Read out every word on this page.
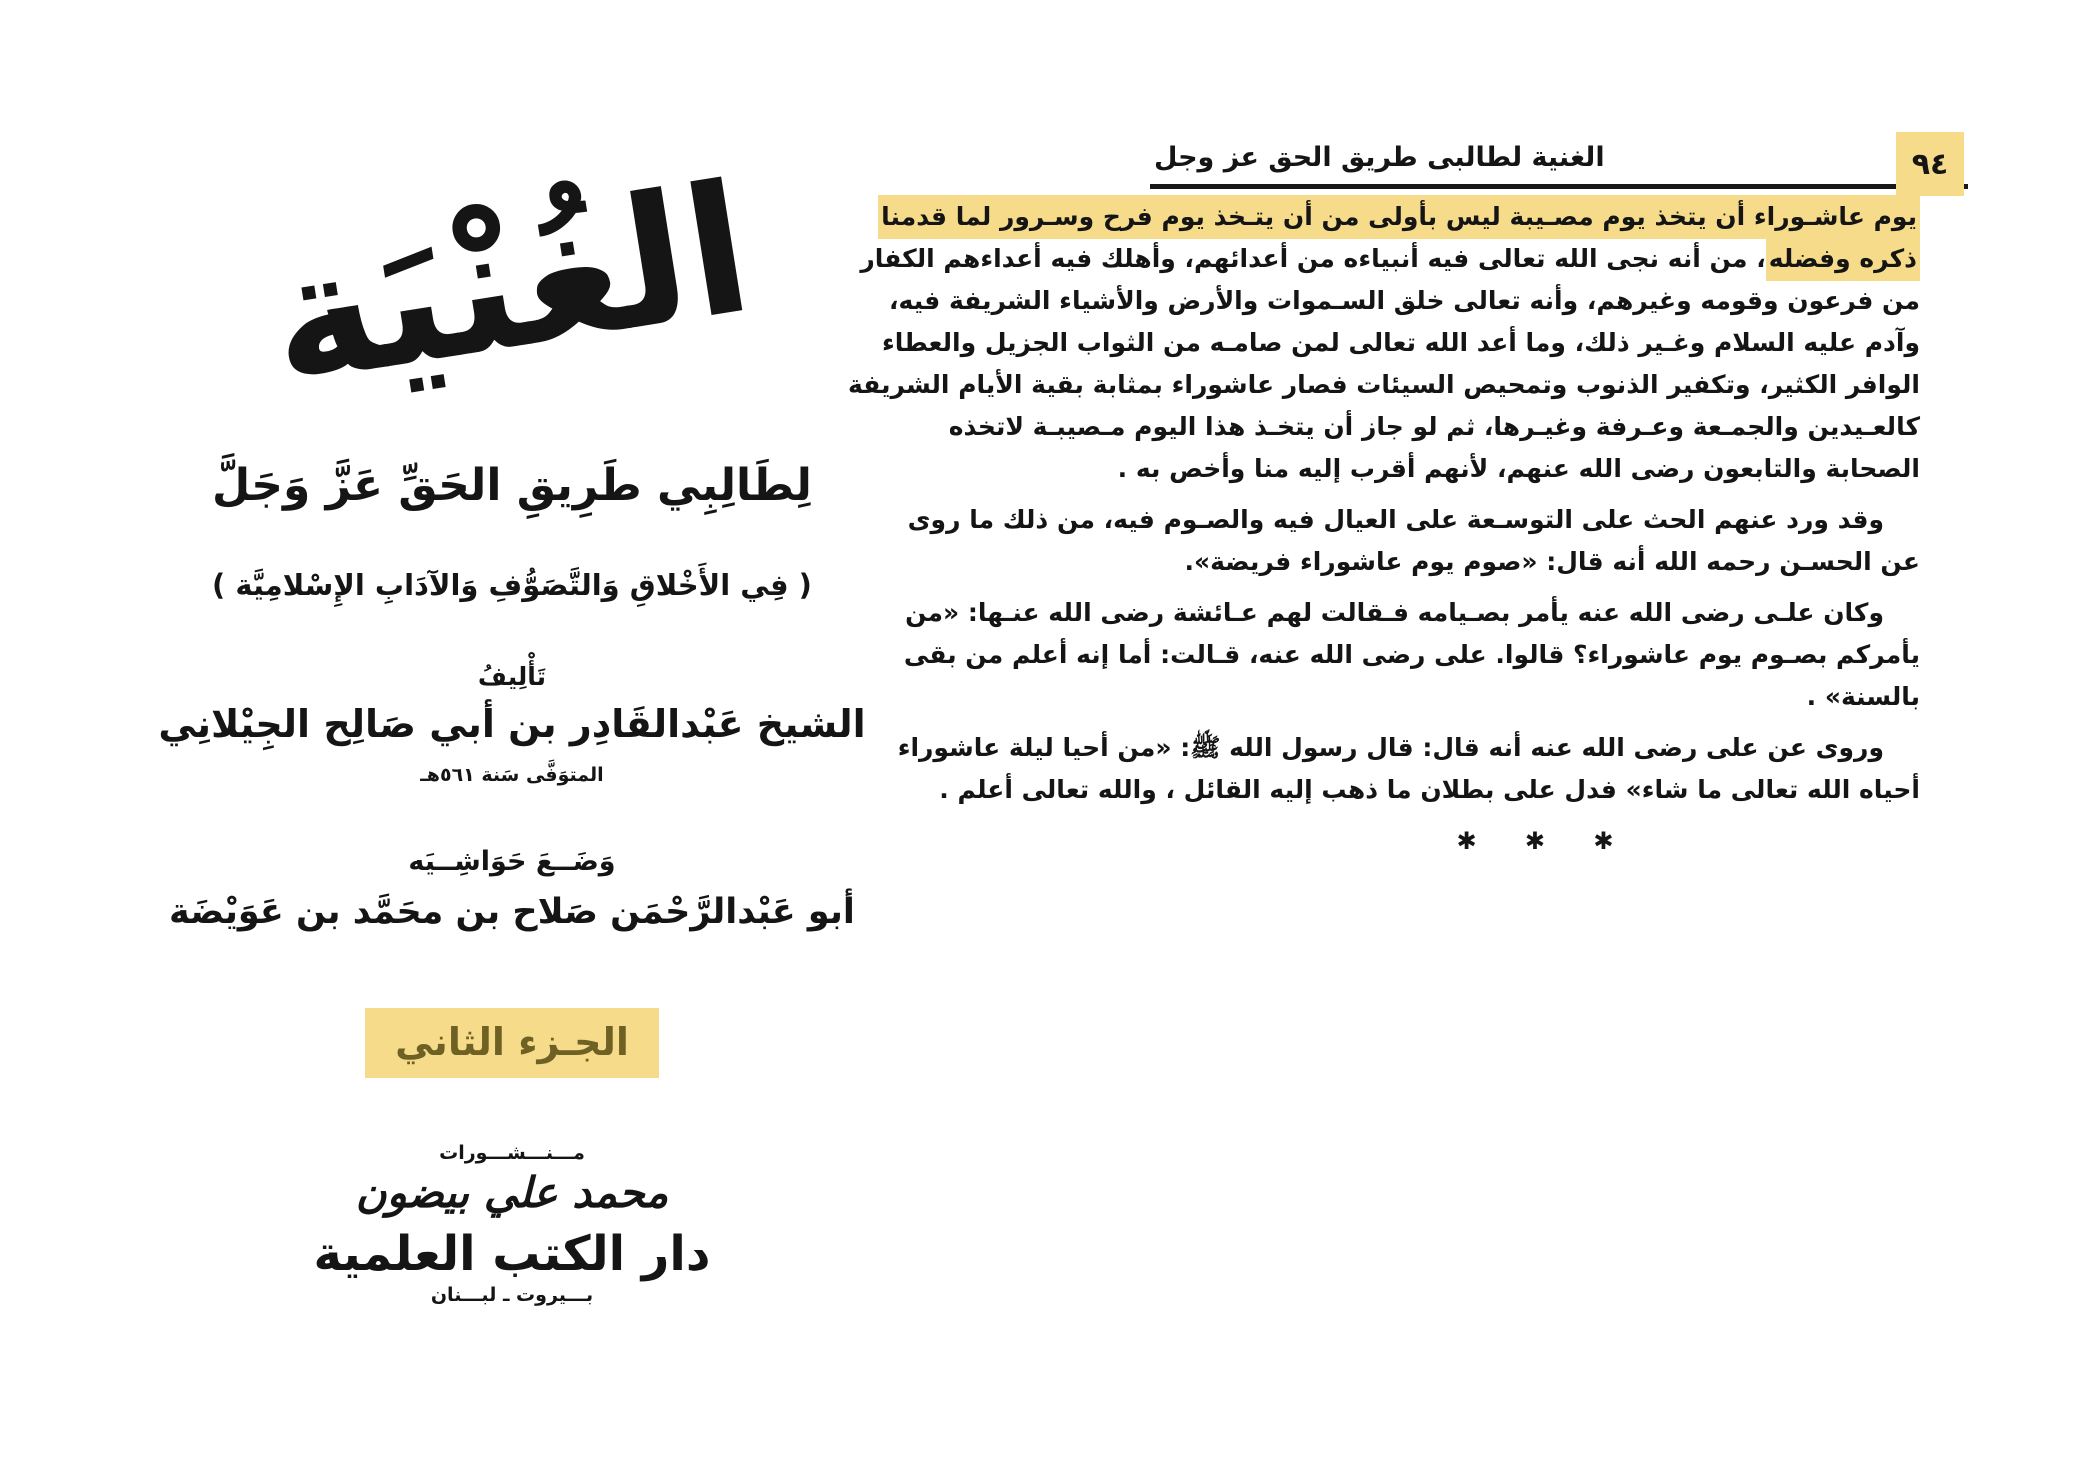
الغُنْيَة
لِطَالِبِي طَرِيقِ الحَقِّ عَزَّ وَجَلَّ
( فِي الأَخْلاقِ وَالتَّصَوُّفِ وَالآدَابِ الإِسْلامِيَّة )
تَأْلِيفُ
الشيخ عَبْدالقَادِر بن أبي صَالِح الجِيْلانِي
المتوَفَّى سَنة ٥٦١هـ
وَضَــعَ حَوَاشِــيَه
أبو عَبْدالرَّحْمَن صَلاح بن محَمَّد بن عَوَيْضَة
الجـزء الثاني
مـــنـــشـــورات
محمد علي بيضون
دار الكتب العلمية
بـــيروت ـ لبـــنان
الغنية لطالبى طريق الحق عز وجل	٩٤
يوم عاشـوراء أن يتخذ يوم مصـيبة ليس بأولى من أن يتـخذ يوم فرح وسـرور لما قدمنا
ذكره وفضله، من أنه نجى الله تعالى فيه أنبياءه من أعدائهم، وأهلك فيه أعداءهم الكفار
من فرعون وقومه وغيرهم، وأنه تعالى خلق السـموات والأرض والأشياء الشريفة فيه،
وآدم عليه السلام وغـير ذلك، وما أعد الله تعالى لمن صامـه من الثواب الجزيل والعطاء
الوافر الكثير، وتكفير الذنوب وتمحيص السيئات فصار عاشوراء بمثابة بقية الأيام الشريفة
كالعـيدين والجمـعة وعـرفة وغيـرها، ثم لو جاز أن يتخـذ هذا اليوم مـصيبـة لاتخذه
الصحابة والتابعون رضى الله عنهم، لأنهم أقرب إليه منا وأخص به .
وقد ورد عنهم الحث على التوسـعة على العيال فيه والصـوم فيه، من ذلك ما روى
عن الحسـن رحمه الله أنه قال: «صوم يوم عاشوراء فريضة».
وكان علـى رضى الله عنه يأمر بصـيامه فـقالت لهم عـائشة رضى الله عنـها: «من
يأمركم بصـوم يوم عاشوراء؟ قالوا. على رضى الله عنه، قـالت: أما إنه أعلم من بقى
بالسنة» .
وروى عن على رضى الله عنه أنه قال: قال رسول الله ﷺ: «من أحيا ليلة عاشوراء
أحياه الله تعالى ما شاء» فدل على بطلان ما ذهب إليه القائل ، والله تعالى أعلم .
✱ ✱ ✱
